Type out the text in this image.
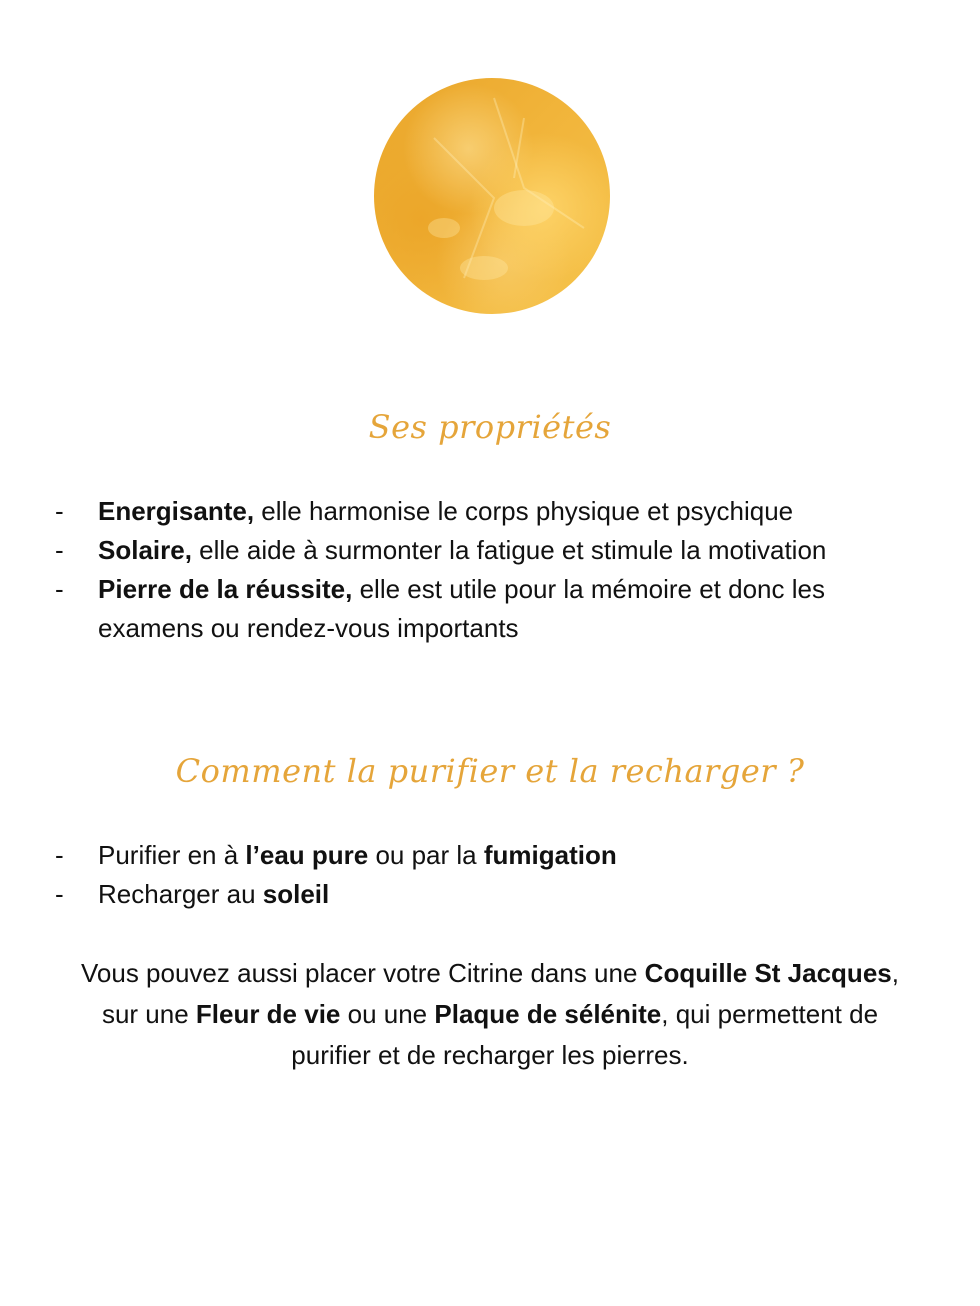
Ses propriétés
- Energisante, elle harmonise le corps physique et psychique
- Solaire, elle aide à surmonter la fatigue et stimule la motivation
- Pierre de la réussite, elle est utile pour la mémoire et donc les examens ou rendez-vous importants
Comment la purifier et la recharger ?
- Purifier en à l’eau pure ou par la fumigation
- Recharger au soleil
Vous pouvez aussi placer votre Citrine dans une Coquille St Jacques, sur une Fleur de vie ou une Plaque de sélénite, qui permettent de purifier et de recharger les pierres.
